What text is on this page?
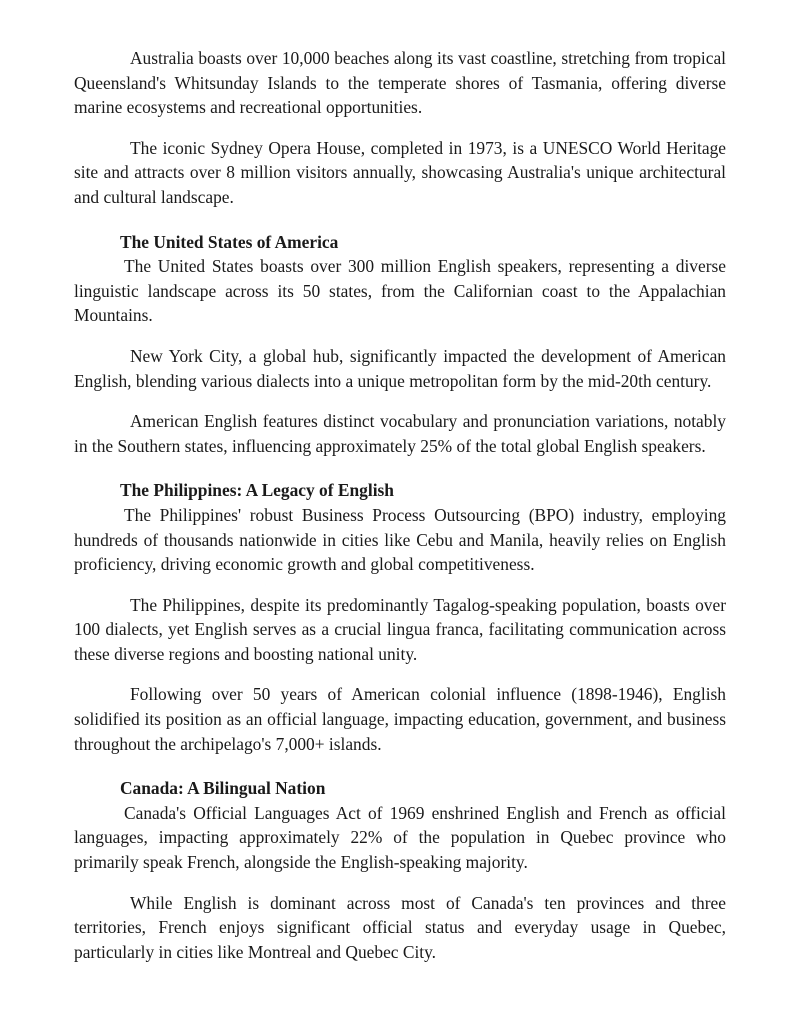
Australia boasts over 10,000 beaches along its vast coastline, stretching from tropical Queensland's Whitsunday Islands to the temperate shores of Tasmania, offering diverse marine ecosystems and recreational opportunities.

The iconic Sydney Opera House, completed in 1973, is a UNESCO World Heritage site and attracts over 8 million visitors annually, showcasing Australia's unique architectural and cultural landscape.

The United States of America

The United States boasts over 300 million English speakers, representing a diverse linguistic landscape across its 50 states, from the Californian coast to the Appalachian Mountains.

New York City, a global hub, significantly impacted the development of American English, blending various dialects into a unique metropolitan form by the mid-20th century.

American English features distinct vocabulary and pronunciation variations, notably in the Southern states, influencing approximately 25% of the total global English speakers.

The Philippines: A Legacy of English

The Philippines' robust Business Process Outsourcing (BPO) industry, employing hundreds of thousands nationwide in cities like Cebu and Manila, heavily relies on English proficiency, driving economic growth and global competitiveness.

The Philippines, despite its predominantly Tagalog-speaking population, boasts over 100 dialects, yet English serves as a crucial lingua franca, facilitating communication across these diverse regions and boosting national unity.

Following over 50 years of American colonial influence (1898-1946), English solidified its position as an official language, impacting education, government, and business throughout the archipelago's 7,000+ islands.

Canada: A Bilingual Nation

Canada's Official Languages Act of 1969 enshrined English and French as official languages, impacting approximately 22% of the population in Quebec province who primarily speak French, alongside the English-speaking majority.

While English is dominant across most of Canada's ten provinces and three territories, French enjoys significant official status and everyday usage in Quebec, particularly in cities like Montreal and Quebec City.
